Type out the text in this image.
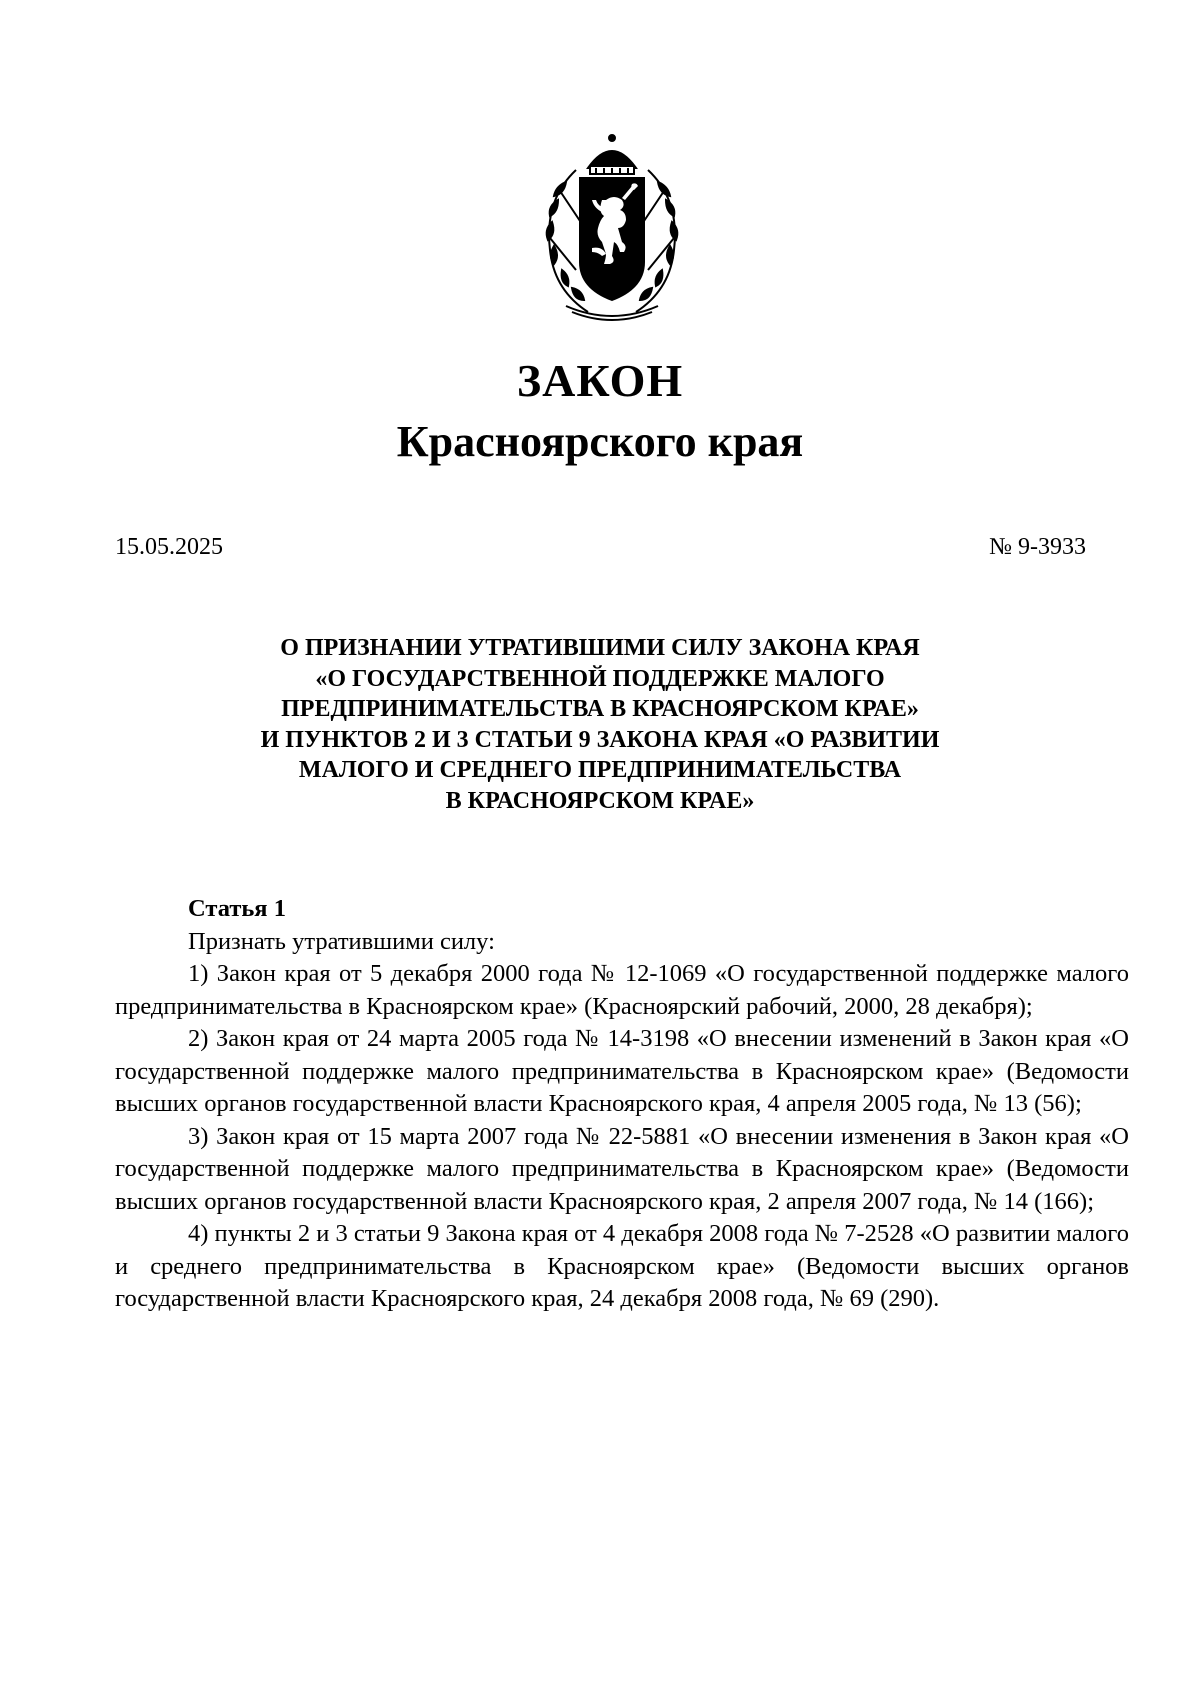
ЗАКОН
Красноярского края
15.05.2025	№ 9-3933
О ПРИЗНАНИИ УТРАТИВШИМИ СИЛУ ЗАКОНА КРАЯ
«О ГОСУДАРСТВЕННОЙ ПОДДЕРЖКЕ МАЛОГО
ПРЕДПРИНИМАТЕЛЬСТВА В КРАСНОЯРСКОМ КРАЕ»
И ПУНКТОВ 2 И 3 СТАТЬИ 9 ЗАКОНА КРАЯ «О РАЗВИТИИ
МАЛОГО И СРЕДНЕГО ПРЕДПРИНИМАТЕЛЬСТВА
В КРАСНОЯРСКОМ КРАЕ»
Статья 1
Признать утратившими силу:

1) Закон края от 5 декабря 2000 года № 12-1069 «О государственной поддержке малого предпринимательства в Красноярском крае» (Красноярский рабочий, 2000, 28 декабря);

2) Закон края от 24 марта 2005 года № 14-3198 «О внесении изменений в Закон края «О государственной поддержке малого предпринимательства в Красноярском крае» (Ведомости высших органов государственной власти Красноярского края, 4 апреля 2005 года, № 13 (56);

3) Закон края от 15 марта 2007 года № 22-5881 «О внесении изменения в Закон края «О государственной поддержке малого предпринимательства в Красноярском крае» (Ведомости высших органов государственной власти Красноярского края, 2 апреля 2007 года, № 14 (166);

4) пункты 2 и 3 статьи 9 Закона края от 4 декабря 2008 года № 7-2528 «О развитии малого и среднего предпринимательства в Красноярском крае» (Ведомости высших органов государственной власти Красноярского края, 24 декабря 2008 года, № 69 (290).
